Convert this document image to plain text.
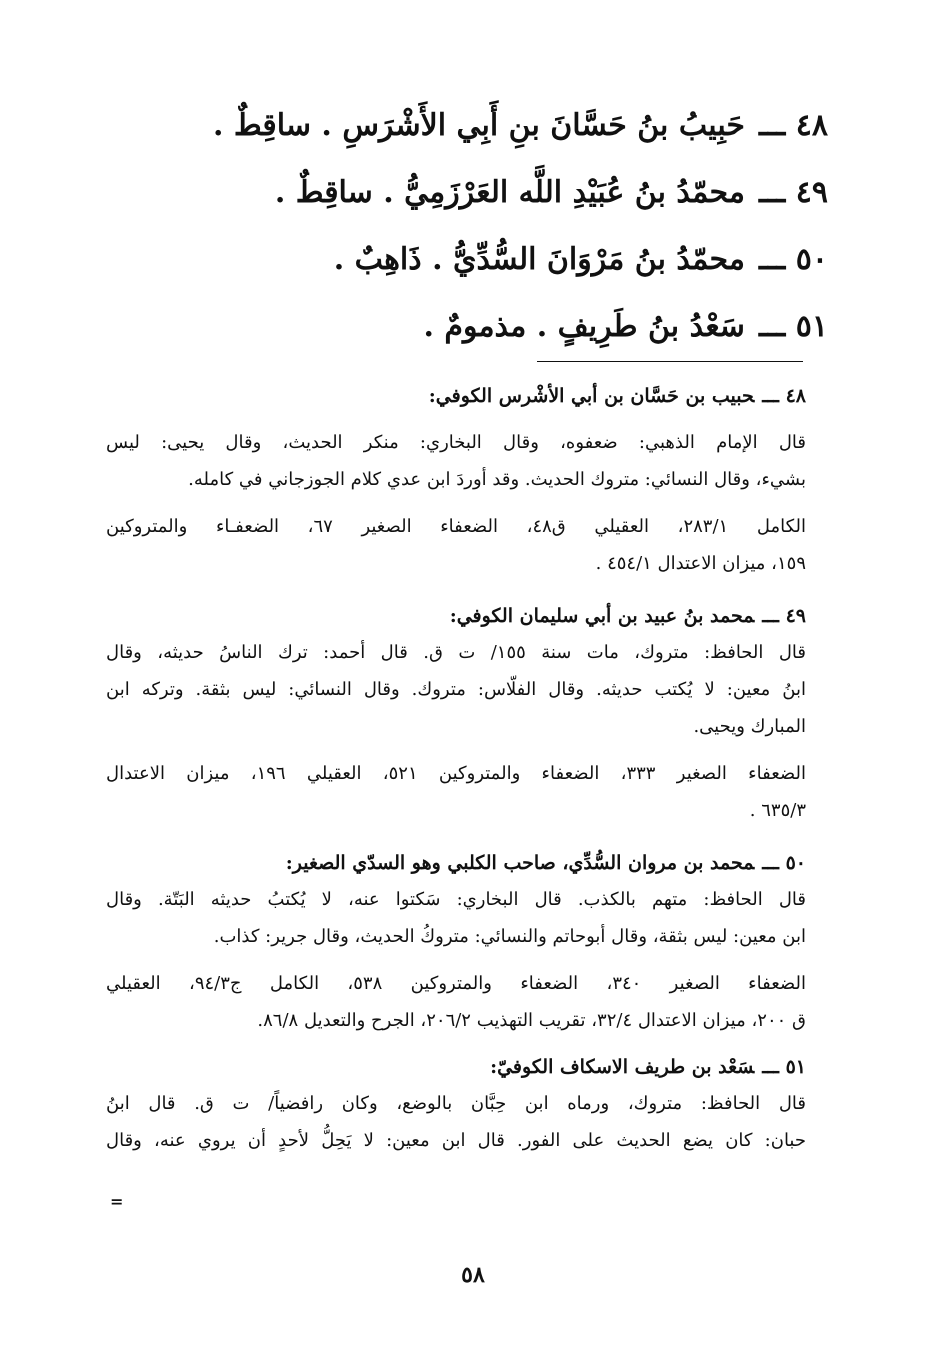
٤٨ ـــحَبِيبُ بنُ حَسَّانَ بنِ أَبِي الأَشْرَسِ . ساقِطٌ .
٤٩ ـــمحمّدُ بنُ عُبَيْدِ اللَّه العَرْزَمِيُّ . ساقِطٌ .
٥٠ ـــمحمّدُ بنُ مَرْوَانَ السُّدِّيُّ . ذَاهِبٌ .
٥١ ـــسَعْدُ بنُ طَرِيفٍ . مذمومٌ .
٤٨ ـــحبيب بن حَسَّان بن أبي الأشْرس الكوفي:
قال الإمام الذهبي: ضعفوه، وقال البخاري: منكر الحديث، وقال يحيى: ليس
بشيء، وقال النسائي: متروك الحديث. وقد أوردَ ابن عدي كلام الجوزجاني في كامله.
الكامل ٢٨٣/١، العقيلي ق٤٨، الضعفاء الصغير ٦٧، الضعفـاء والمتروكين
١٥٩، ميزان الاعتدال ٤٥٤/١ .
٤٩ ـــمحمد بنُ عبيد بن أبي سليمان الكوفي:
قال الحافظ: متروك، مات سنة ١٥٥/ ت ق. قال أحمد: ترك الناسُ حديثه، وقال
ابنُ معين: لا يُكتب حديثه. وقال الفلّاس: متروك. وقال النسائي: ليس بثقة. وتركه ابن
المبارك ويحيى.
الضعفاء الصغير ٣٣٣، الضعفاء والمتروكين ٥٢١، العقيلي ١٩٦، ميزان الاعتدال
٦٣٥/٣ .
٥٠ ـــمحمد بن مروان السُّدِّي، صاحب الكلبي وهو السدّي الصغير:
قال الحافظ: متهم بالكذب. قال البخاري: سَكتوا عنه، لا يُكتبُ حديثه البَتّة. وقال
ابن معين: ليس بثقة، وقال أبوحاتم والنسائي: متروكُ الحديث، وقال جرير: كذاب.
الضعفاء الصغير ٣٤٠، الضعفاء والمتروكين ٥٣٨، الكامل ج٩٤/٣، العقيلي
ق ٢٠٠، ميزان الاعتدال ٣٢/٤، تقريب التهذيب ٢٠٦/٢، الجرح والتعديل ٨٦/٨.
٥١ ـــسَعْد بن طريف الاسكاف الكوفيّ:
قال الحافظ: متروك، ورماه ابن حِبَّان بالوضع، وكان رافضياً/ ت ق. قال ابنُ
حبان: كان يضع الحديث على الفور. قال ابن معين: لا يَحِلُّ لأحدٍ أن يروي عنه، وقال
=
٥٨
